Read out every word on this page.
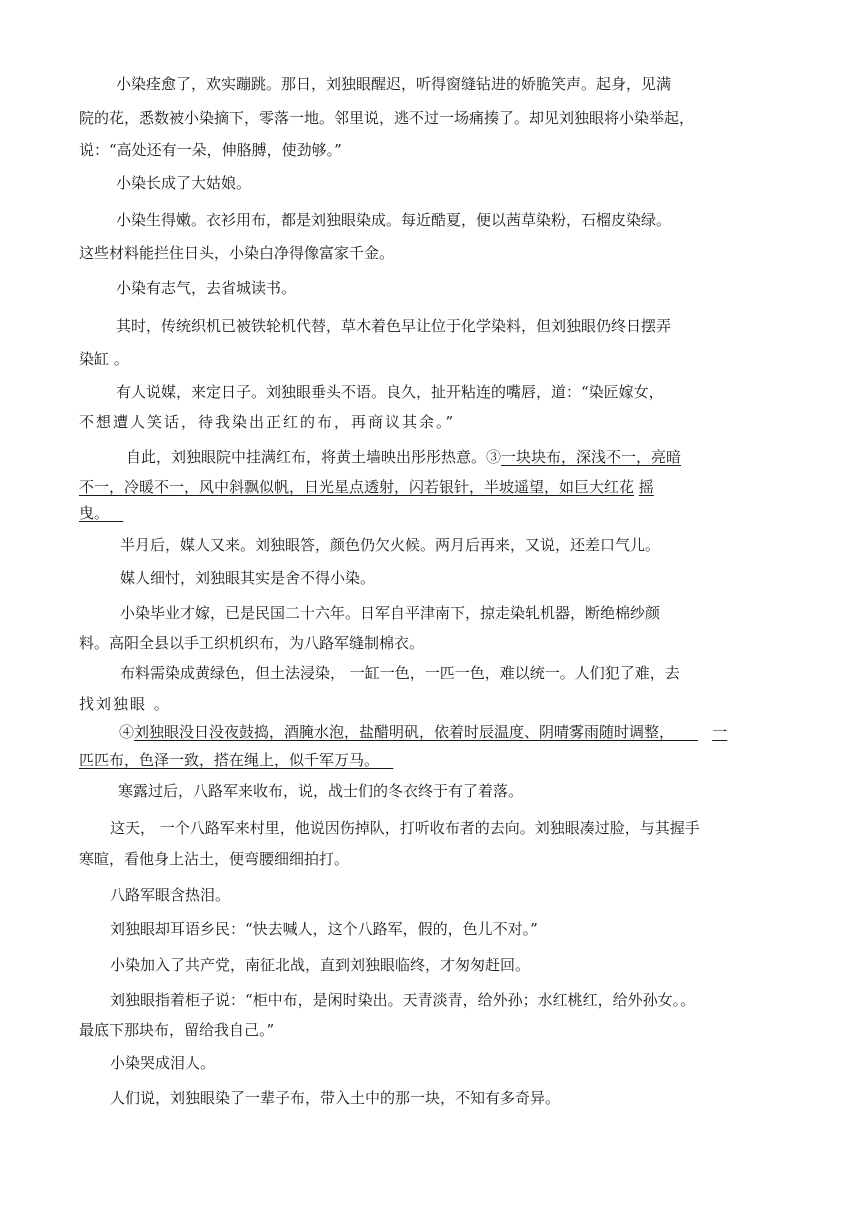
小染痊愈了，欢实蹦跳。那日，刘独眼醒迟，听得窗缝钻进的娇脆笑声。起身，见满
院的花，悉数被小染摘下，零落一地。邻里说，逃不过一场痛揍了。却见刘独眼将小染举起，
说：“高处还有一朵，伸胳膊，使劲够。”
小染长成了大姑娘。
小染生得嫩。衣衫用布，都是刘独眼染成。每近酷夏，便以茜草染粉，石榴皮染绿。
这些材料能拦住日头，小染白净得像富家千金。
小染有志气，去省城读书。
其时，传统织机已被铁轮机代替，草木着色早让位于化学染料，但刘独眼仍终日摆弄
染缸 。
有人说媒，来定日子。刘独眼垂头不语。良久，扯开粘连的嘴唇，道：“染匠嫁女，
不想遭人笑话，待我染出正红的布，再商议其余。”
自此，刘独眼院中挂满红布，将黄土墙映出彤彤热意。③一块块布，深浅不一，亮暗
不一，冷暖不一，风中斜飘似帆，日光星点透射，闪若银针，半坡遥望，如巨大红花 摇
曳。
半月后，媒人又来。刘独眼答，颜色仍欠火候。两月后再来，又说，还差口气儿。
媒人细忖，刘独眼其实是舍不得小染。
小染毕业才嫁，已是民国二十六年。日军自平津南下，掠走染轧机器，断绝棉纱颜
料。高阳全县以手工织机织布，为八路军缝制棉衣。
布料需染成黄绿色，但土法浸染， 一缸一色，一匹一色，难以统一。人们犯了难，去
找刘独眼 。
④刘独眼没日没夜鼓捣，酒腌水泡，盐醋明矾，依着时辰温度、阴晴雾雨随时调整，	一
匹匹布，色泽一致，搭在绳上，似千军万马。
寒露过后，八路军来收布，说，战士们的冬衣终于有了着落。
这天， 一个八路军来村里，他说因伤掉队，打听收布者的去向。刘独眼凑过脸，与其握手
寒暄，看他身上沾土，便弯腰细细拍打。
八路军眼含热泪。
刘独眼却耳语乡民：“快去喊人，这个八路军，假的，色儿不对。”
小染加入了共产党，南征北战，直到刘独眼临终，才匆匆赶回。
刘独眼指着柜子说：“柜中布，是闲时染出。天青淡青，给外孙；水红桃红，给外孙女。。
最底下那块布，留给我自己。”
小染哭成泪人。
人们说，刘独眼染了一辈子布，带入土中的那一块，不知有多奇异。
